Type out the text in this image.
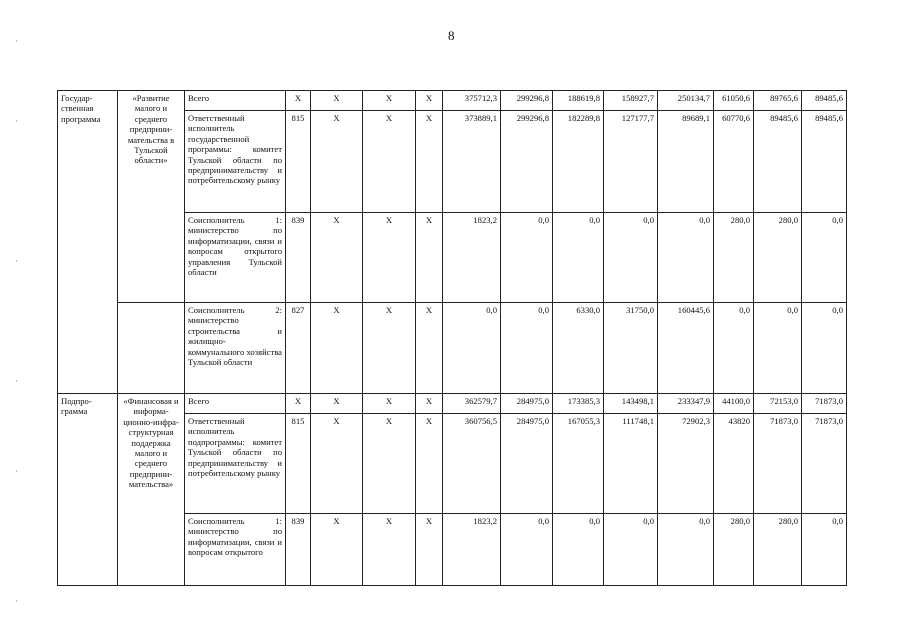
8
Государ-ственная программа	«Развитие малого и среднего предприни-мательства в Тульской области»	Всего	X	X	X	X	375712,3	299296,8	188619,8	158927,7	250134,7	61050,6	89765,6	89485,6
		Ответственный исполнитель государственной программы: комитет Тульской области по предпринимательству и потребительскому рынку	815	X	X	X	373889,1	299296,8	182289,8	127177,7	89689,1	60770,6	89485,6	89485,6
		Соисполнитель 1: министерство по информатизации, связи и вопросам открытого управления Тульской области	839	X	X	X	1823,2	0,0	0,0	0,0	0,0	280,0	280,0	0,0
		Соисполнитель 2: министерство строительства и жилищно-коммунального хозяйства Тульской области	827	X	X	X	0,0	0,0	6330,0	31750,0	160445,6	0,0	0,0	0,0
Подпро-грамма	«Финансовая и информа-ционно-инфра-структурная поддержка малого и среднего предприни-мательства»	Всего	X	X	X	X	362579,7	284975,0	173385,3	143498,1	233347,9	44100,0	72153,0	71873,0
		Ответственный исполнитель подпрограммы: комитет Тульской области по предпринимательству и потребительскому рынку	815	X	X	X	360756,5	284975,0	167055,3	111748,1	72902,3	43820	71873,0	71873,0
		Соисполнитель 1: министерство по информатизации, связи и вопросам открытого	839	X	X	X	1823,2	0,0	0,0	0,0	0,0	280,0	280,0	0,0
